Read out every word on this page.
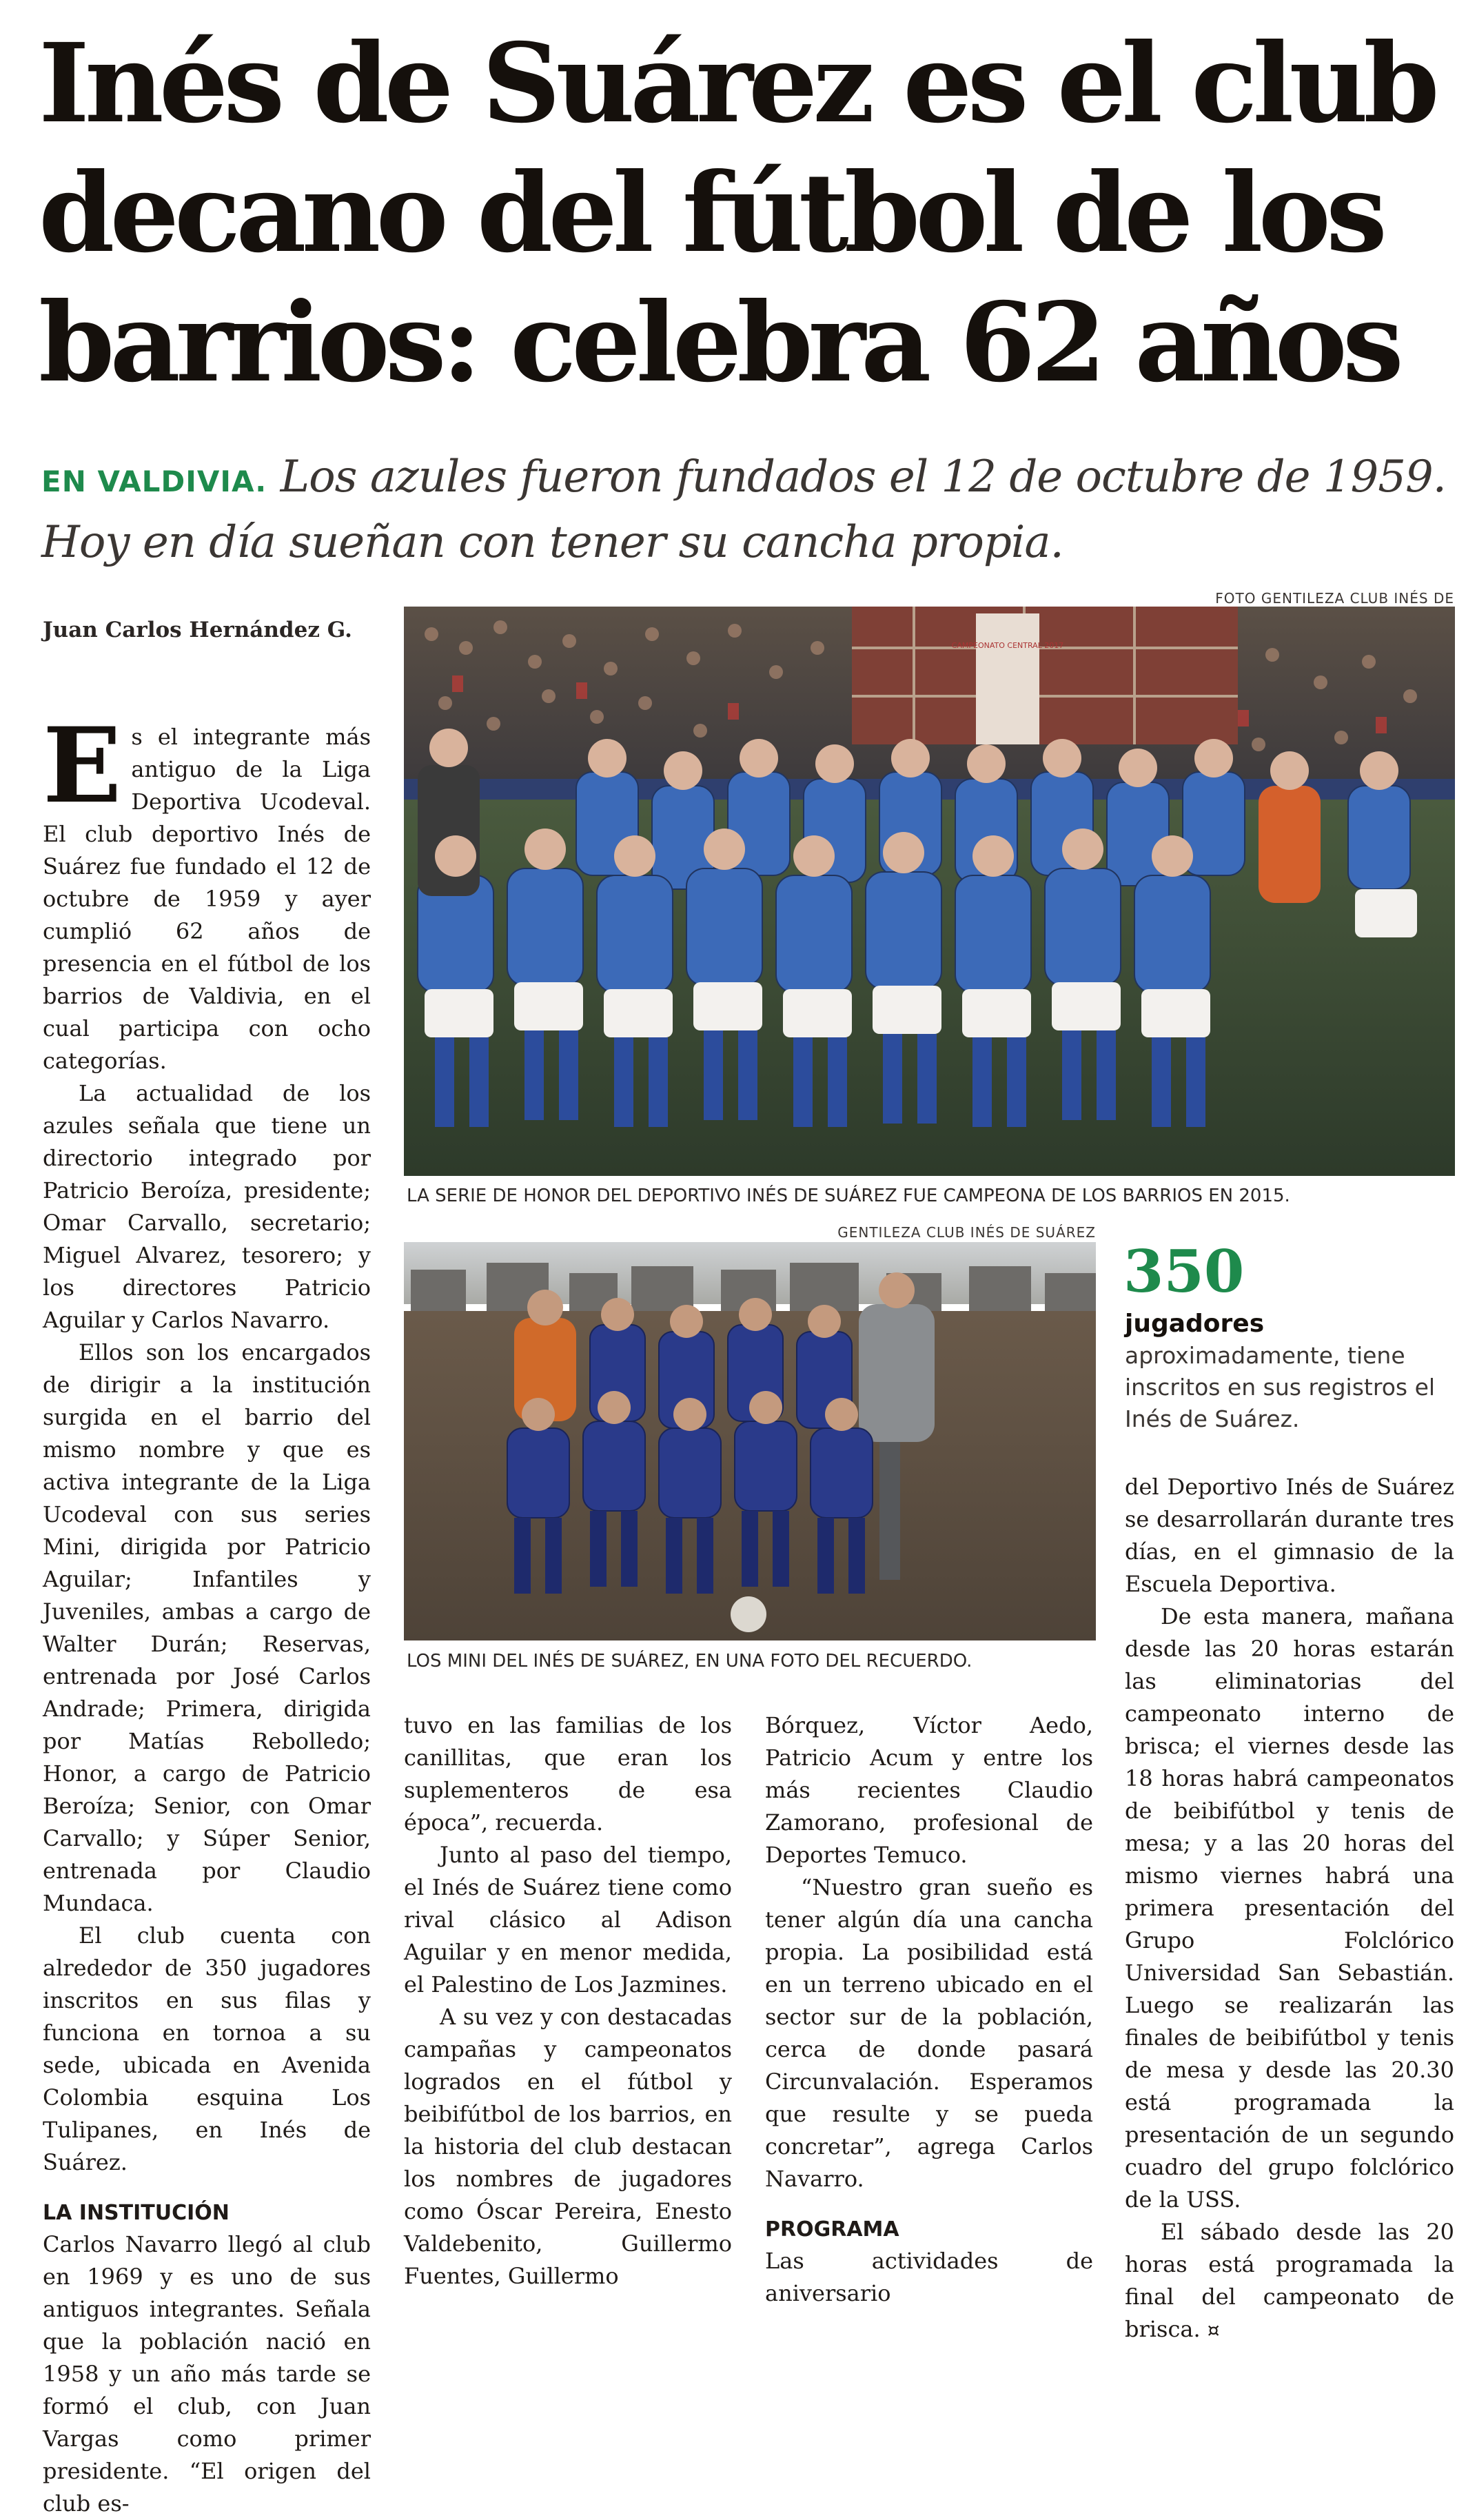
Inés de Suárez es el club
decano del fútbol de los
barrios: celebra 62 años
EN VALDIVIA. Los azules fueron fundados el 12 de octubre de 1959.
Hoy en día sueñan con tener su cancha propia.
Juan Carlos Hernández G.
FOTO GENTILEZA CLUB INÉS DE
CAMPEONATO CENTRAL 2017
LA SERIE DE HONOR DEL DEPORTIVO INÉS DE SUÁREZ FUE CAMPEONA DE LOS BARRIOS EN 2015.
GENTILEZA CLUB INÉS DE SUÁREZ
LOS MINI DEL INÉS DE SUÁREZ, EN UNA FOTO DEL RECUERDO.
350
jugadores aproximadamente, tiene inscritos en sus registros el Inés de Suárez.

Es el integrante más antiguo de la Liga Deportiva Ucodeval. El club deportivo Inés de Suárez fue fundado el 12 de octubre de 1959 y ayer cumplió 62 años de presencia en el fútbol de los barrios de Valdivia, en el cual participa con ocho categorías.

La actualidad de los azules señala que tiene un directorio integrado por Patricio Beroíza, presidente; Omar Carvallo, secretario; Miguel Alvarez, tesorero; y los directores Patricio Aguilar y Carlos Navarro.

Ellos son los encargados de dirigir a la institución surgida en el barrio del mismo nombre y que es activa integrante de la Liga Ucodeval con sus series Mini, dirigida por Patricio Aguilar; Infantiles y Juveniles, ambas a cargo de Walter Durán; Reservas, entrenada por José Carlos Andrade; Primera, dirigida por Matías Rebolledo; Honor, a cargo de Patricio Beroíza; Senior, con Omar Carvallo; y Súper Senior, entrenada por Claudio Mundaca.

El club cuenta con alrededor de 350 jugadores inscritos en sus filas y funciona en tornoa a su sede, ubicada en Avenida Colombia esquina Los Tulipanes, en Inés de Suárez.

LA INSTITUCIÓN

Carlos Navarro llegó al club en 1969 y es uno de sus antiguos integrantes. Señala que la población nació en 1958 y un año más tarde se formó el club, con Juan Vargas como primer presidente. “El origen del club es-

tuvo en las familias de los canillitas, que eran los suplementeros de esa época”, recuerda.

Junto al paso del tiempo, el Inés de Suárez tiene como rival clásico al Adison Aguilar y en menor medida, el Palestino de Los Jazmines.

A su vez y con destacadas campañas y campeonatos logrados en el fútbol y beibifútbol de los barrios, en la historia del club destacan los nombres de jugadores como Óscar Pereira, Enesto Valdebenito, Guillermo Fuentes, Guillermo

Bórquez, Víctor Aedo, Patricio Acum y entre los más recientes Claudio Zamorano, profesional de Deportes Temuco.

“Nuestro gran sueño es tener algún día una cancha propia. La posibilidad está en un terreno ubicado en el sector sur de la población, cerca de donde pasará Circunvalación. Esperamos que resulte y se pueda concretar”, agrega Carlos Navarro.

PROGRAMA

Las actividades de aniversario

del Deportivo Inés de Suárez se desarrollarán durante tres días, en el gimnasio de la Escuela Deportiva.

De esta manera, mañana desde las 20 horas estarán las eliminatorias del campeonato interno de brisca; el viernes desde las 18 horas habrá campeonatos de beibifútbol y tenis de mesa; y a las 20 horas del mismo viernes habrá una primera presentación del Grupo Folclórico Universidad San Sebastián. Luego se realizarán las finales de beibifútbol y tenis de mesa y desde las 20.30 está programada la presentación de un segundo cuadro del grupo folclórico de la USS.

El sábado desde las 20 horas está programada la final del campeonato de brisca. ¤
